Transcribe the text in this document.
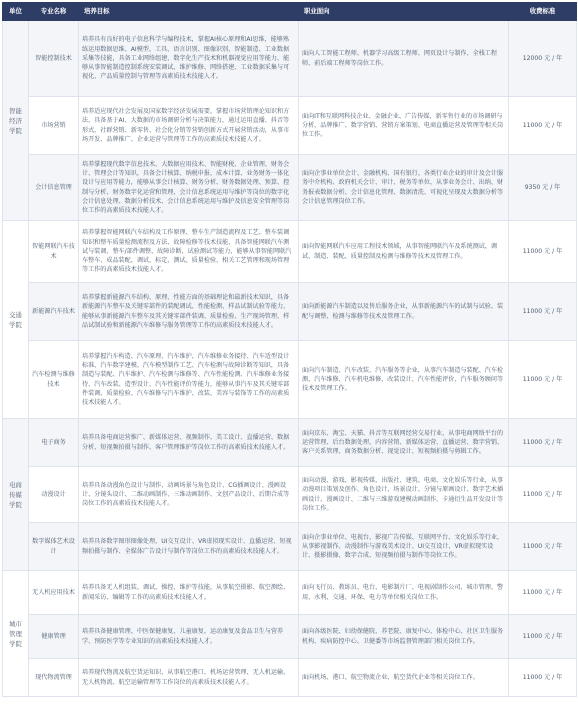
单位	专业名称	培养目标	职业面向	收费标准
智能经济学院	智能控制技术	培养具有良好的电子信息科学与编程技术，掌握AI核心原理和AI思维，能够熟练运用数据思维、AI模型、工具、语言识别、图像识别、智能制造、工业数据采集等技能，具备工业网络组建、数字化生产技术和机器视觉应用等能力，能够从事智能制造控制系统安装调试、维护维修、网络搭建、工业数据采集与可视化、产品质量控制与管理等高素质技术技能人才。	面向人工智能工程师、机器学习高级工程师、网页设计与制作、全栈工程师、前后端工程师等岗位工作。	12000 元 / 年
	市场营销	培养适应现代社会发展及国家数字经济发展需要，掌握市场营销理论知识和方法，具备基于AI、大数据的市场调研分析与决策能力，通过运用直播、抖音等形式、社群营销、新零售、社会化分销等营销创新方式开展营销活动，从事市场开发、品牌推广、企业运营与管理等工作的高素质技术技能人才。	面向IT和互联网科技企业、金融企业、广告传媒、新零售行业的市场调研与分析、品牌推广、数字营销、营销方案策划、电商直播运营及管理等相关岗位工作。	11000 元 / 年
	会计信息管理	培养掌握现代数字信息技术、大数据应用技术、智能财税、企业管理、财务会计、管理会计等知识，具备会计核算、纳税申报、成本计算、业务财务一体化设计与应用等能力，能够从事会计核算、财务分析、财务数据处理、预算、控制与分析、财务数字化运营和管理、会计信息系统运用与维护等岗位的数字化会计信息处理、数据分析技术、会计信息系统运用与维护及信息安全管理等岗位工作的高素质技术技能人才。	面向企事业单位会计、金融机构、国有银行、各类行业企业的审计及会计服务中介机构、政府机关会计、审计、税务等单位，从事业务会计、出纳、财务报表数据分析、会计信息化管理、数据清洗、可视化呈现及大数据分析等会计信息管理岗位工作。	9350 元 / 年
交通学院	智能网联汽车技术	培养掌握智能网联汽车结构及工作原理、整车生产制造流程及工艺、整车装调知识和整车质量检测流程及方法、故障检修等技术技能，具备智能网联汽车测试与装调、整车/部件调整、故障诊断、试验测试等能力，能够从事智能网联汽车整车、成品装配、调试、标定、测试、质量检验、相关工艺管理和现场管理等工作的高素质技术技能人才。	面向智能网联汽车应用工程技术领域，从事智能网联汽车及系统测试、调试、制造、装配、质量控制及检测与维修等技术及管理工作。	11000 元 / 年
	新能源汽车技术	培养掌握新能源汽车结构、原理、性能方面的基础理论和最新技术知识，具备新能源汽车整车及关键零部件的装配调试、性能检测、样品试制试验等能力，能够从事新能源汽车整车及其关键零部件装调、质量检验、生产现场管理、样品试制试验和新能源汽车维修与服务管理等工作的高素质技术技能人才。	面向新能源汽车制造以及售后服务企业，从事新能源汽车的试制与试验、装配与调整、检测与维修等技术及管理工作。	11000 元 / 年
	汽车检测与维修技术	培养掌握汽车构造、汽车原理、汽车维护、汽车维修业务接待、汽车适型设计标准、汽车数字建模、汽车模型制作工艺、汽车检测与故障诊断等知识，具备制造与装配、汽车维护、汽车检测与维修等、汽车性能检测、汽车维修业务接待、汽车改装、造型设计、汽车性能评价等能力，能够从事汽车及其关键零部件装调、质量检验、汽车维修与汽车维护、改装、美容与装饰等工作的高素质技术技能人才。	面向汽车制造、汽车改装、汽车服务等企业，从事汽车制造与装配、汽车检测、汽车维修、汽车机电维修、改装设计、汽车性能评价、汽车服务顾问等技术及管理工作。	11000 元 / 年
电商传媒学院	电子商务	培养具备电商运营推广、新媒体运营、视频制作、美工设计、直播运营、数据分析、短视频拍摄与制作、客户管理维护等岗位工作的高素质技术技能人才。	面向京东、淘宝、天猫、抖音等互联网经营交易行业，从事电商网络平台的运营管理、后台数据处理、内容营销、新媒体运营、直播运营、数字营销、客户关系管理、商务数据分析、视觉设计、短视频拍摄与剪辑工作。	11000 元 / 年
	动漫设计	培养具备动漫角色设计与制作、动画场景与角色设计、CG插画设计、漫画设计、分镜头设计、二维动画制作、三维动画制作、文创产品设计、后期合成等岗位工作的高素质技术技能人才。	面向动漫、游戏、影视传媒、出版社、建筑、电商、文化娱乐等行业，从事动漫项目策划及创作、角色设计、场景设计、分镜与原画设计、数字艺术插画设计、漫画设计、二维与三维游戏建模动画制作、卡通衍生品开发设计等岗位工作。	11000 元 / 年
	数字媒体艺术设计	培养具备数字图形图像处理、UI交互设计、VR虚拟现实设计、直播运营、短视频拍摄与制作、全媒体广告设计与制作等岗位工作的高素质技术技能人才。	面向企事业单位、电视台、影视广告传媒、互联网平台、文化娱乐等行业，从事影视制作、动漫制作与游戏美术设计、UI交互设计、VR虚拟现实设计、摄影摄像、数字合成、短视频拍摄与制作等岗位工作。	11000 元 / 年
城市管理学院	无人机应用技术	培养具备无人机组装、调试、操控、维护等技能，从事航空摄影、航空测绘、新闻采访、编辑等工作的高素质技术技能人才。	面向飞行员、教练员、电台、电影制片厂、电视剧制作公司、城市管理、警用、水利、交通、环保、电力等单位相关岗位工作。	11000 元 / 年
	健康管理	培养具备健康管理、中医保健康复、儿童康复、运动康复及食品卫生与营养学、预防医学等专业知识的高素质技术技能人才。	面向各级医院、妇幼保健院、养老院、康复中心、体检中心、社区卫生服务机构、疾病防控中心、卫健委等市场监督管理部门相关岗位工作。	11000 元 / 年
	现代物流管理	培养现代物流及航空货运知识，从事航空港口、机场运营管理、无人机运输、无人机物流、航空运输管理等工作岗位的高素质技术技能人才。	面向机场、港口、航空物流企业、航空货代企业等相关岗位工作。	11000 元 / 年
